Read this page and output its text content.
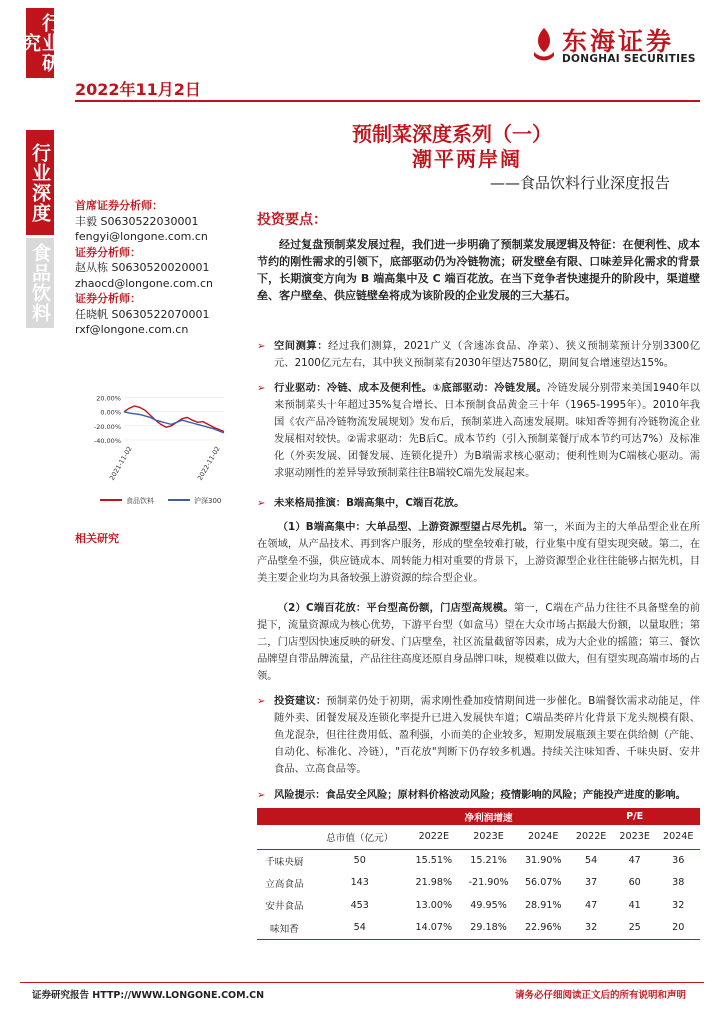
行业研究
行业深度
食品饮料
东海证券
DONGHAI SECURITIES
2022年11月2日
预制菜深度系列（一）
潮平两岸阔
——食品饮料行业深度报告
首席证券分析师：
丰毅 S0630522030001
fengyi@longone.com.cn
证券分析师：
赵从栋 S0630520020001
zhaocd@longone.com.cn
证券分析师：
任晓帆 S0630522070001
rxf@longone.com.cn
20.00%
0.00%
-20.00%
-40.00%
2021-11-02	2022-11-02
食品饮料	沪深300
相关研究
投资要点：
经过复盘预制菜发展过程，我们进一步明确了预制菜发展逻辑及特征：在便利性、成本节约的刚性需求的引领下，底部驱动仍为冷链物流；研发壁垒有限、口味差异化需求的背景下，长期演变方向为 B 端高集中及 C 端百花放。在当下竞争者快速提升的阶段中，渠道壁垒、客户壁垒、供应链壁垒将成为该阶段的企业发展的三大基石。
➢ 空间测算：经过我们测算，2021广义（含速冻食品、净菜）、狭义预制菜预计分别3300亿元、2100亿元左右，其中狭义预制菜有2030年望达7580亿，期间复合增速望达15%。
➢ 行业驱动：冷链、成本及便利性。①底部驱动：冷链发展。冷链发展分别带来美国1940年以来预制菜头十年超过35%复合增长、日本预制食品黄金三十年（1965-1995年）。2010年我国《农产品冷链物流发展规划》发布后，预制菜进入高速发展期。味知香等拥有冷链物流企业发展相对较快。②需求驱动：先B后C。成本节约（引入预制菜餐厅成本节约可达7%）及标准化（外卖发展、团餐发展、连锁化提升）为B端需求核心驱动；便利性则为C端核心驱动。需求驱动刚性的差异导致预制菜往往B端较C端先发展起来。
➢ 未来格局推演：B端高集中，C端百花放。
（1）B端高集中：大单品型、上游资源型望占尽先机。第一，米面为主的大单品型企业在所在领域，从产品技术、再到客户服务，形成的壁垒较难打破，行业集中度有望实现突破。第二，在产品壁垒不强，供应链成本、周转能力相对重要的背景下，上游资源型企业往往能够占据先机，目美主要企业均为具备较强上游资源的综合型企业。
（2）C端百花放：平台型高份额，门店型高规模。第一，C端在产品力往往不具备壁垒的前提下，流量资源成为核心优势，下游平台型（如盒马）望在大众市场占据最大份额，以量取胜；第二，门店型因快速反映的研发、门店壁垒，社区流量截留等因素，成为大企业的摇篮；第三、餐饮品牌望自带品牌流量，产品往往高度还原自身品牌口味，规模难以做大，但有望实现高端市场的占领。
➢ 投资建议：预制菜仍处于初期，需求刚性叠加疫情期间进一步催化。B端餐饮需求动能足，伴随外卖、团餐发展及连锁化率提升已进入发展快车道；C端品类碎片化背景下龙头规模有限、鱼龙混杂，但往往费用低、盈利强，小而美的企业较多，短期发展瓶颈主要在供给侧（产能、自动化、标准化、冷链），"百花放"判断下仍存较多机遇。持续关注味知香、千味央厨、安井食品、立高食品等。
➢ 风险提示：食品安全风险；原材料价格波动风险；疫情影响的风险；产能投产进度的影响。
		净利润增速			P/E		
	总市值（亿元）	2022E	2023E	2024E	2022E	2023E	2024E
千味央厨	50	15.51%	15.21%	31.90%	54	47	36
立高食品	143	21.98%	-21.90%	56.07%	37	60	38
安井食品	453	13.00%	49.95%	28.91%	47	41	32
味知香	54	14.07%	29.18%	22.96%	32	25	20
证券研究报告 HTTP://WWW.LONGONE.COM.CN	请务必仔细阅读正文后的所有说明和声明
